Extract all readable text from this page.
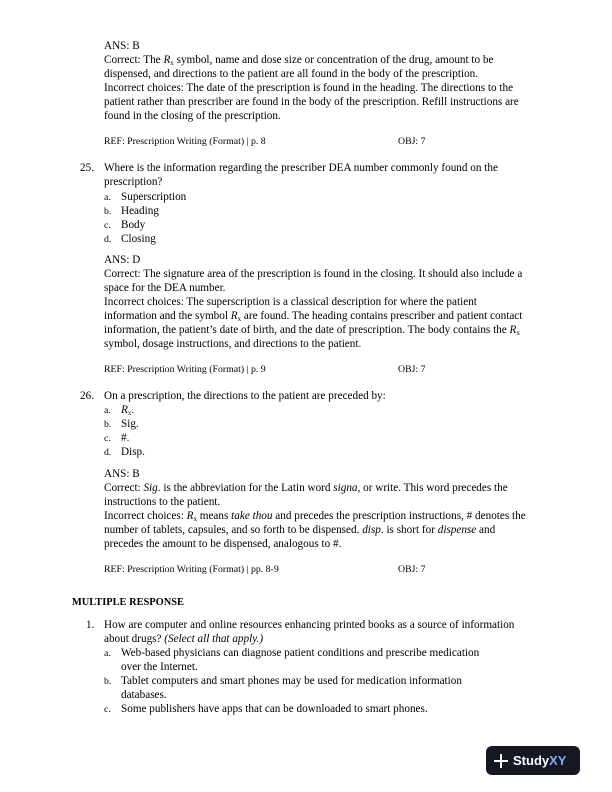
ANS: B
Correct: The $R_x$ symbol, name and dose size or concentration of the drug, amount to be
dispensed, and directions to the patient are all found in the body of the prescription.
Incorrect choices: The date of the prescription is found in the heading. The directions to the
patient rather than prescriber are found in the body of the prescription. Refill instructions are
found in the closing of the prescription.
REF: Prescription Writing (Format) | p. 8	OBJ: 7
25. Where is the information regarding the prescriber DEA number commonly found on the
prescription?
a. Superscription
b. Heading
c. Body
d. Closing
ANS: D
Correct: The signature area of the prescription is found in the closing. It should also include a
space for the DEA number.
Incorrect choices: The superscription is a classical description for where the patient
information and the symbol $R_x$ are found. The heading contains prescriber and patient contact
information, the patient’s date of birth, and the date of prescription. The body contains the $R_x$
symbol, dosage instructions, and directions to the patient.
REF: Prescription Writing (Format) | p. 9	OBJ: 7
26. On a prescription, the directions to the patient are preceded by:
a. $R_x$.
b. Sig.
c. #.
d. Disp.
ANS: B
Correct: Sig. is the abbreviation for the Latin word signa, or write. This word precedes the
instructions to the patient.
Incorrect choices: $R_x$ means take thou and precedes the prescription instructions, # denotes the
number of tablets, capsules, and so forth to be dispensed. disp. is short for dispense and
precedes the amount to be dispensed, analogous to #.
REF: Prescription Writing (Format) | pp. 8-9	OBJ: 7
MULTIPLE RESPONSE
1. How are computer and online resources enhancing printed books as a source of information
about drugs? (Select all that apply.)
a. Web-based physicians can diagnose patient conditions and prescribe medication
over the Internet.
b. Tablet computers and smart phones may be used for medication information
databases.
c. Some publishers have apps that can be downloaded to smart phones.
Study XY
